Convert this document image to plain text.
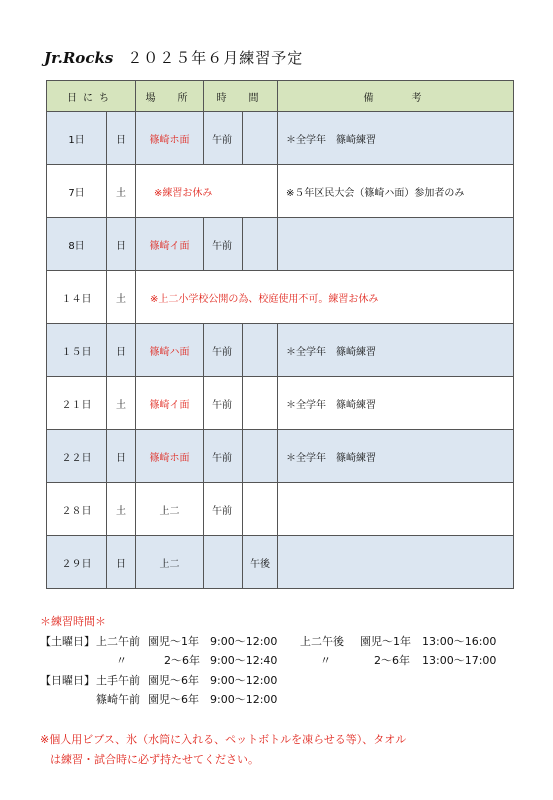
Jr.Rocks ２０２５年６月練習予定
日にち		場　所	時　間		備　　考
1日	日	篠崎ホ面	午前		＊全学年　篠崎練習
7日	土	※練習お休み			※５年区民大会（篠崎ハ面）参加者のみ
8日	日	篠崎イ面	午前		
１４日	土	※上二小学校公開の為、校庭使用不可。練習お休み			
１５日	日	篠崎ハ面	午前		＊全学年　篠崎練習
２１日	土	篠崎イ面	午前		＊全学年　篠崎練習
２２日	日	篠崎ホ面	午前		＊全学年　篠崎練習
２８日	土	上二	午前		
２９日	日	上二		午後	
＊練習時間＊
【土曜日】 上二午前 園児～1年 9:00～12:00 上二午後 園児～1年 13:00～16:00
〃	2～6年 9:00～12:40	〃	2～6年 13:00～17:00
【日曜日】 土手午前 園児～6年 9:00～12:00
篠崎午前 園児～6年 9:00～12:00
※個人用ビブス、氷（水筒に入れる、ペットボトルを凍らせる等）、タオル
は練習・試合時に必ず持たせてください。
